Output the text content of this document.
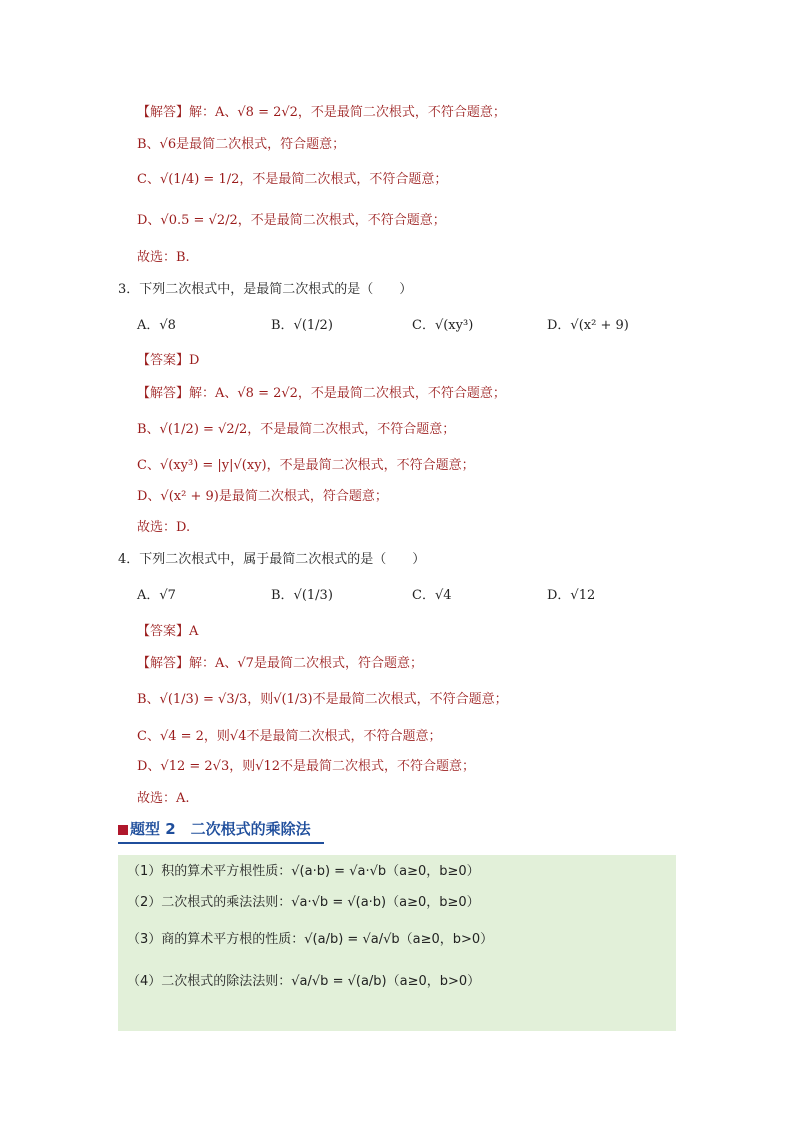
【解答】解：A、√8 = 2√2，不是最简二次根式，不符合题意；
B、√6是最简二次根式，符合题意；
C、√(1/4) = 1/2，不是最简二次根式，不符合题意；
D、√0.5 = √2/2，不是最简二次根式，不符合题意；
故选：B.
3．下列二次根式中，是最简二次根式的是（　　）
A．√8	B．√(1/2)	C．√(xy³)	D．√(x² + 9)
【答案】D
【解答】解：A、√8 = 2√2，不是最简二次根式，不符合题意；
B、√(1/2) = √2/2，不是最简二次根式，不符合题意；
C、√(xy³) = |y|√(xy)，不是最简二次根式，不符合题意；
D、√(x² + 9)是最简二次根式，符合题意；
故选：D.
4．下列二次根式中，属于最简二次根式的是（　　）
A．√7	B．√(1/3)	C．√4	D．√12
【答案】A
【解答】解：A、√7是最简二次根式，符合题意；
B、√(1/3) = √3/3，则√(1/3)不是最简二次根式，不符合题意；
C、√4 = 2，则√4不是最简二次根式，不符合题意；
D、√12 = 2√3，则√12不是最简二次根式，不符合题意；
故选：A.
题型 2　二次根式的乘除法
（1）积的算术平方根性质：√(a·b) = √a·√b（a≥0，b≥0）
（2）二次根式的乘法法则：√a·√b = √(a·b)（a≥0，b≥0）
（3）商的算术平方根的性质：√(a/b) = √a/√b（a≥0，b>0）
（4）二次根式的除法法则：√a/√b = √(a/b)（a≥0，b>0）
